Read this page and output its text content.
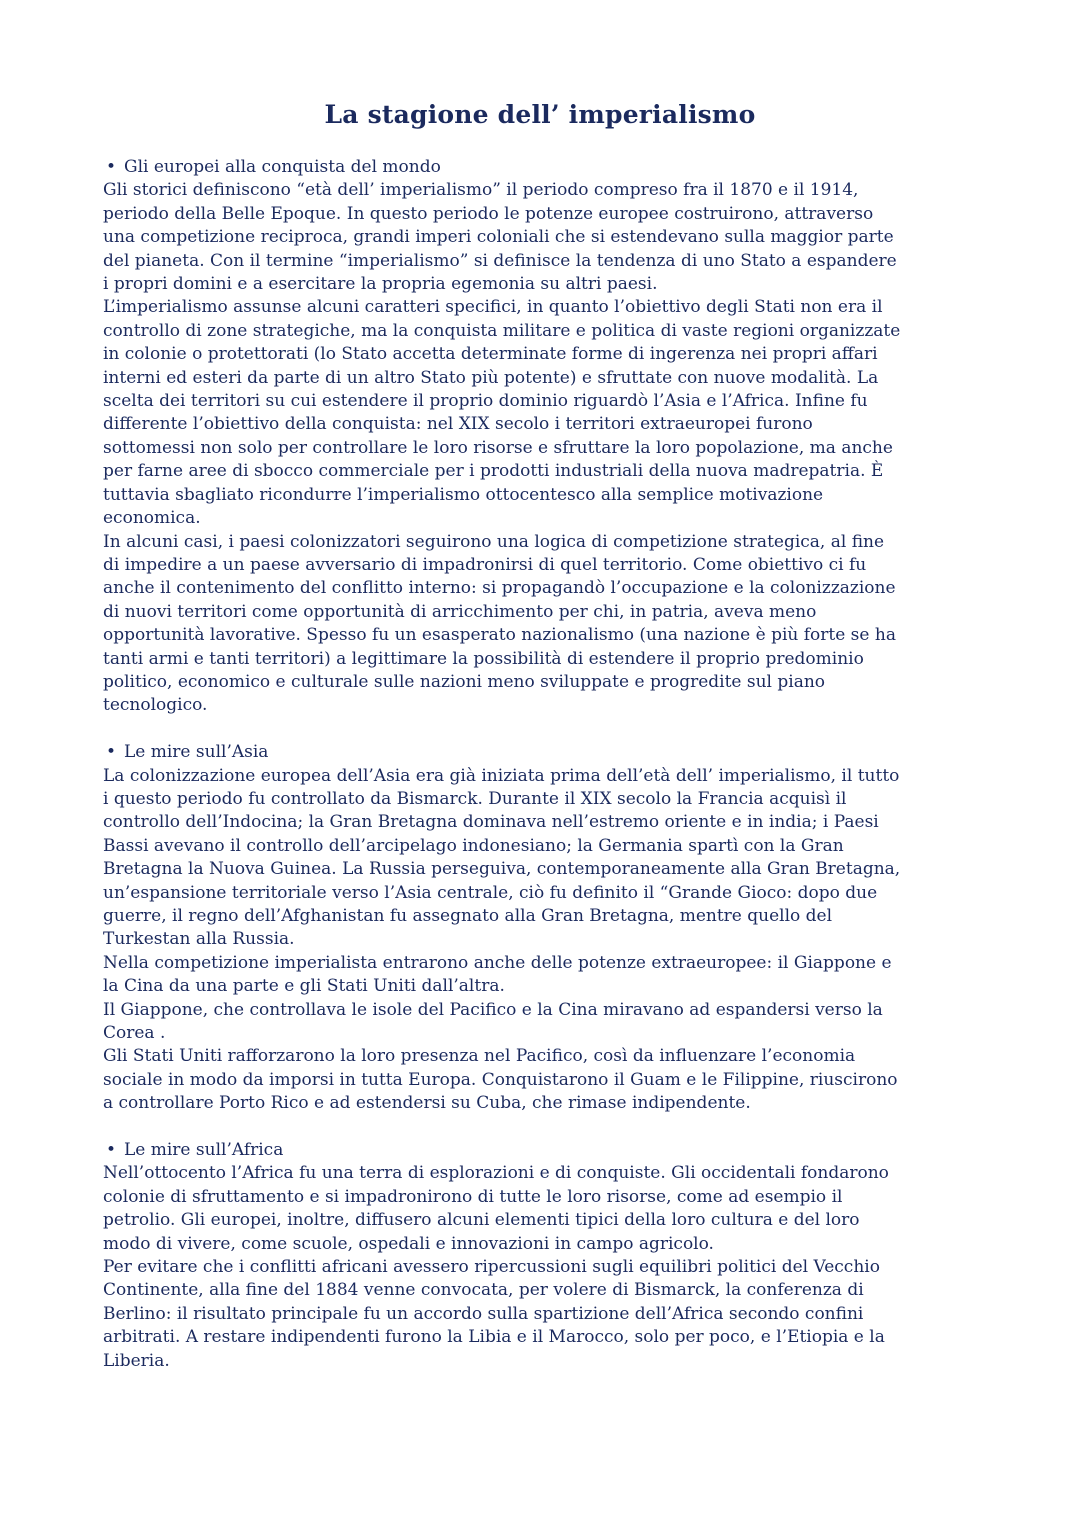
La stagione dell’ imperialismo
• Gli europei alla conquista del mondo
Gli storici definiscono “età dell’ imperialismo” il periodo compreso fra il 1870 e il 1914,
periodo della Belle Epoque. In questo periodo le potenze europee costruirono, attraverso
una competizione reciproca, grandi imperi coloniali che si estendevano sulla maggior parte
del pianeta. Con il termine “imperialismo” si definisce la tendenza di uno Stato a espandere
i propri domini e a esercitare la propria egemonia su altri paesi.
L’imperialismo assunse alcuni caratteri specifici, in quanto l’obiettivo degli Stati non era il
controllo di zone strategiche, ma la conquista militare e politica di vaste regioni organizzate
in colonie o protettorati (lo Stato accetta determinate forme di ingerenza nei propri affari
interni ed esteri da parte di un altro Stato più potente) e sfruttate con nuove modalità. La
scelta dei territori su cui estendere il proprio dominio riguardò l’Asia e l’Africa. Infine fu
differente l’obiettivo della conquista: nel XIX secolo i territori extraeuropei furono
sottomessi non solo per controllare le loro risorse e sfruttare la loro popolazione, ma anche
per farne aree di sbocco commerciale per i prodotti industriali della nuova madrepatria. È
tuttavia sbagliato ricondurre l’imperialismo ottocentesco alla semplice motivazione
economica.
In alcuni casi, i paesi colonizzatori seguirono una logica di competizione strategica, al fine
di impedire a un paese avversario di impadronirsi di quel territorio. Come obiettivo ci fu
anche il contenimento del conflitto interno: si propagandò l’occupazione e la colonizzazione
di nuovi territori come opportunità di arricchimento per chi, in patria, aveva meno
opportunità lavorative. Spesso fu un esasperato nazionalismo (una nazione è più forte se ha
tanti armi e tanti territori) a legittimare la possibilità di estendere il proprio predominio
politico, economico e culturale sulle nazioni meno sviluppate e progredite sul piano
tecnologico.
• Le mire sull’Asia
La colonizzazione europea dell’Asia era già iniziata prima dell’età dell’ imperialismo, il tutto
i questo periodo fu controllato da Bismarck. Durante il XIX secolo la Francia acquisì il
controllo dell’Indocina; la Gran Bretagna dominava nell’estremo oriente e in india; i Paesi
Bassi avevano il controllo dell’arcipelago indonesiano; la Germania spartì con la Gran
Bretagna la Nuova Guinea. La Russia perseguiva, contemporaneamente alla Gran Bretagna,
un’espansione territoriale verso l’Asia centrale, ciò fu definito il “Grande Gioco: dopo due
guerre, il regno dell’Afghanistan fu assegnato alla Gran Bretagna, mentre quello del
Turkestan alla Russia.
Nella competizione imperialista entrarono anche delle potenze extraeuropee: il Giappone e
la Cina da una parte e gli Stati Uniti dall’altra.
Il Giappone, che controllava le isole del Pacifico e la Cina miravano ad espandersi verso la
Corea .
Gli Stati Uniti rafforzarono la loro presenza nel Pacifico, così da influenzare l’economia
sociale in modo da imporsi in tutta Europa. Conquistarono il Guam e le Filippine, riuscirono
a controllare Porto Rico e ad estendersi su Cuba, che rimase indipendente.
• Le mire sull’Africa
Nell’ottocento l’Africa fu una terra di esplorazioni e di conquiste. Gli occidentali fondarono
colonie di sfruttamento e si impadronirono di tutte le loro risorse, come ad esempio il
petrolio. Gli europei, inoltre, diffusero alcuni elementi tipici della loro cultura e del loro
modo di vivere, come scuole, ospedali e innovazioni in campo agricolo.
Per evitare che i conflitti africani avessero ripercussioni sugli equilibri politici del Vecchio
Continente, alla fine del 1884 venne convocata, per volere di Bismarck, la conferenza di
Berlino: il risultato principale fu un accordo sulla spartizione dell’Africa secondo confini
arbitrati. A restare indipendenti furono la Libia e il Marocco, solo per poco, e l’Etiopia e la
Liberia.
